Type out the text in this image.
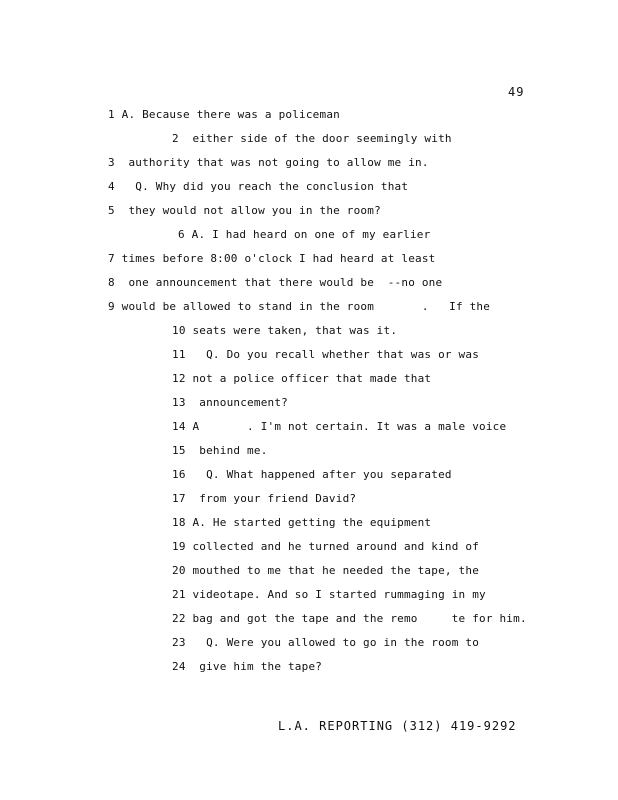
49
1 A. Because there was a policeman
2  either side of the door seemingly with
3  authority that was not going to allow me in.
4   Q. Why did you reach the conclusion that
5  they would not allow you in the room?
6 A. I had heard on one of my earlier
7 times before 8:00 o'clock I had heard at least
8  one announcement that there would be  --no one
9 would be allowed to stand in the room       .   If the
10 seats were taken, that was it.
11   Q. Do you recall whether that was or was
12 not a police officer that made that
13  announcement?
14 A       . I'm not certain. It was a male voice
15  behind me.
16   Q. What happened after you separated
17  from your friend David?
18 A. He started getting the equipment
19 collected and he turned around and kind of
20 mouthed to me that he needed the tape, the
21 videotape. And so I started rummaging in my
22 bag and got the tape and the remo     te for him.
23   Q. Were you allowed to go in the room to
24  give him the tape?
L.A. REPORTING (312) 419-9292
